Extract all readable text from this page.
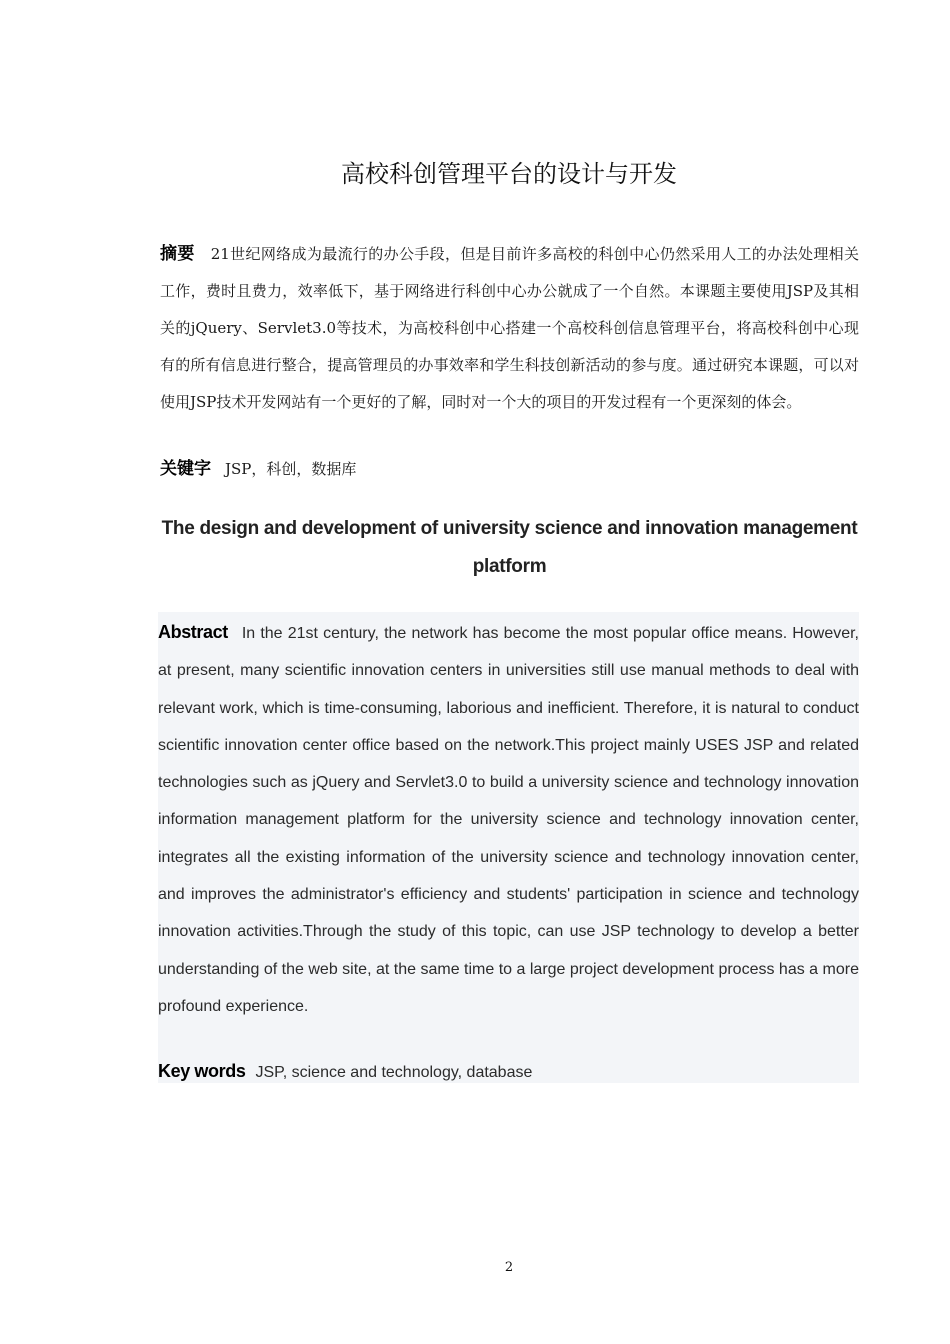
高校科创管理平台的设计与开发
摘要 21世纪网络成为最流行的办公手段，但是目前许多高校的科创中心仍然采用人工的办法处理相关工作，费时且费力，效率低下，基于网络进行科创中心办公就成了一个自然。本课题主要使用JSP及其相关的jQuery、Servlet3.0等技术，为高校科创中心搭建一个高校科创信息管理平台，将高校科创中心现有的所有信息进行整合，提高管理员的办事效率和学生科技创新活动的参与度。通过研究本课题，可以对使用JSP技术开发网站有一个更好的了解，同时对一个大的项目的开发过程有一个更深刻的体会。
关键字 JSP，科创，数据库
The design and development of university science and innovation management platform
Abstract In the 21st century, the network has become the most popular office means. However, at present, many scientific innovation centers in universities still use manual methods to deal with relevant work, which is time-consuming, laborious and inefficient. Therefore, it is natural to conduct scientific innovation center office based on the network.This project mainly USES JSP and related technologies such as jQuery and Servlet3.0 to build a university science and technology innovation information management platform for the university science and technology innovation center, integrates all the existing information of the university science and technology innovation center, and improves the administrator's efficiency and students' participation in science and technology innovation activities.Through the study of this topic, can use JSP technology to develop a better understanding of the web site, at the same time to a large project development process has a more profound experience.
Key words JSP, science and technology, database
2
